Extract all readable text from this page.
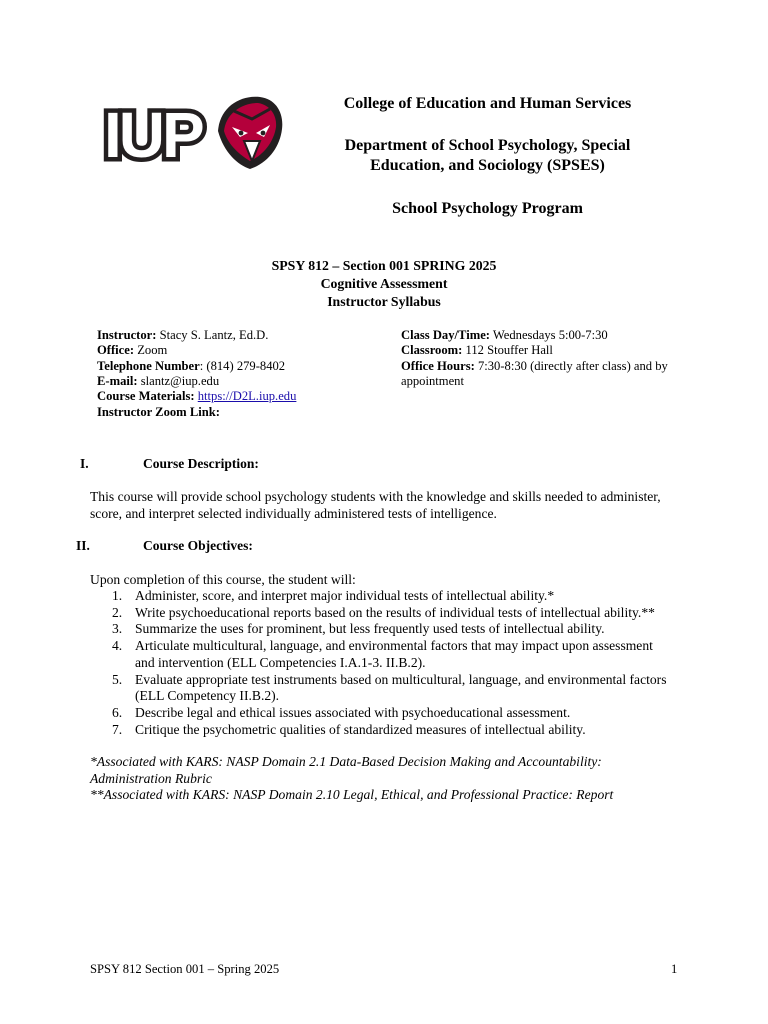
IUP	College of Education and Human Services
Department of School Psychology, Special
Education, and Sociology (SPSES)
School Psychology Program
SPSY 812 – Section 001 SPRING 2025
Cognitive Assessment
Instructor Syllabus
Instructor: Stacy S. Lantz, Ed.D.
Office: Zoom
Telephone Number: (814) 279-8402
E-mail: slantz@iup.edu
Course Materials: https://D2L.iup.edu
Instructor Zoom Link:
Class Day/Time: Wednesdays 5:00-7:30
Classroom: 112 Stouffer Hall
Office Hours: 7:30-8:30 (directly after class) and by
appointment
I.	Course Description:
This course will provide school psychology students with the knowledge and skills needed to administer,
score, and interpret selected individually administered tests of intelligence.
II.	Course Objectives:
Upon completion of this course, the student will:
1. Administer, score, and interpret major individual tests of intellectual ability.*
2. Write psychoeducational reports based on the results of individual tests of intellectual ability.**
3. Summarize the uses for prominent, but less frequently used tests of intellectual ability.
4. Articulate multicultural, language, and environmental factors that may impact upon assessment
and intervention (ELL Competencies I.A.1-3. II.B.2).
5. Evaluate appropriate test instruments based on multicultural, language, and environmental factors
(ELL Competency II.B.2).
6. Describe legal and ethical issues associated with psychoeducational assessment.
7. Critique the psychometric qualities of standardized measures of intellectual ability.
*Associated with KARS: NASP Domain 2.1 Data-Based Decision Making and Accountability:
Administration Rubric
**Associated with KARS: NASP Domain 2.10 Legal, Ethical, and Professional Practice: Report
SPSY 812 Section 001 – Spring 2025	1
